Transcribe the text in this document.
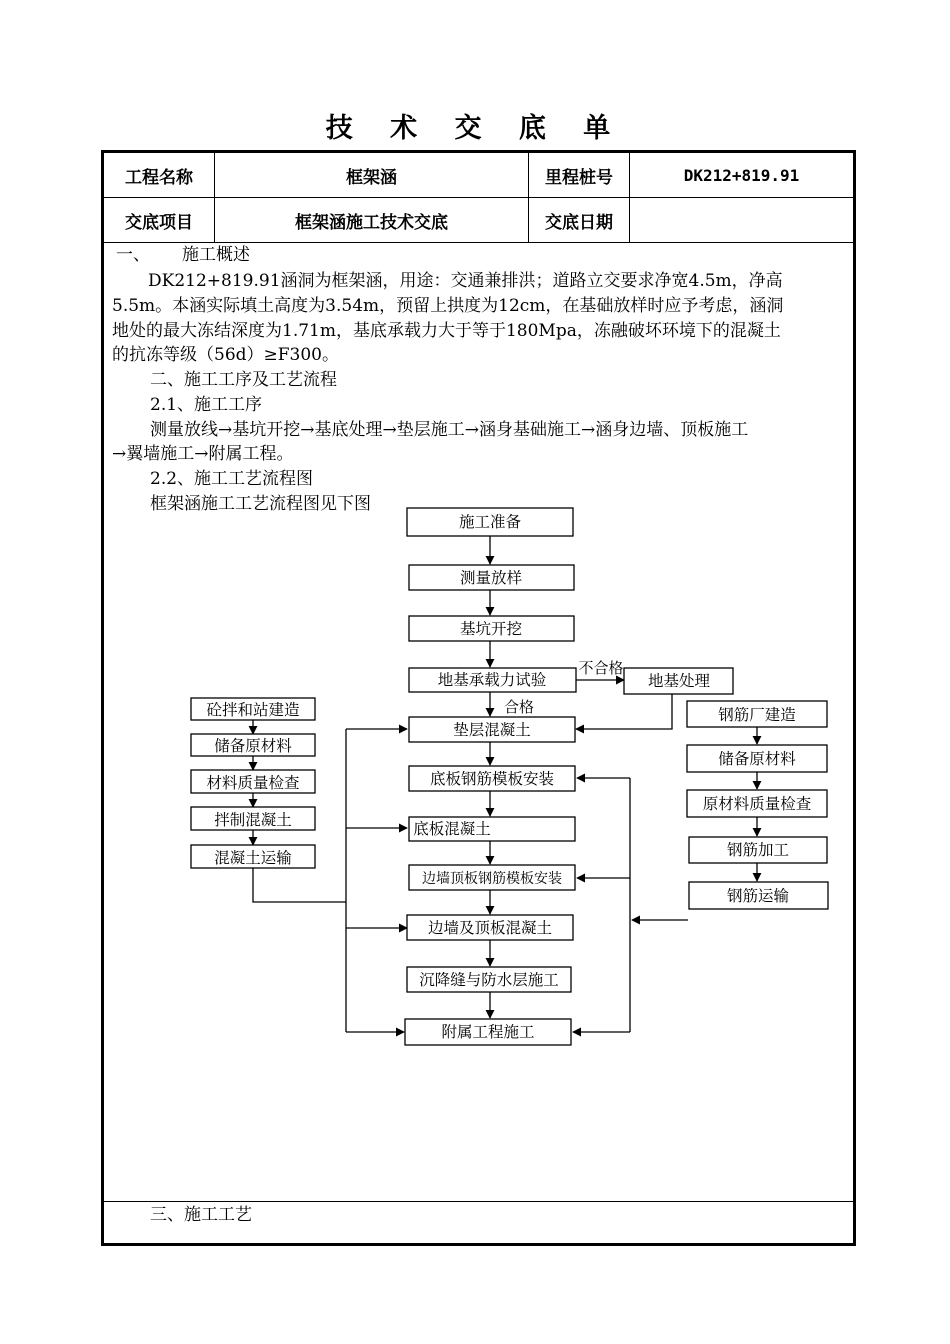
技 术 交 底 单
工程名称	框架涵	里程桩号	DK212+819.91
交底项目	框架涵施工技术交底	交底日期
一、 施工概述
DK212+819.91涵洞为框架涵，用途：交通兼排洪；道路立交要求净宽4.5m，净高
5.5m。本涵实际填土高度为3.54m，预留上拱度为12cm，在基础放样时应予考虑，涵洞
地处的最大冻结深度为1.71m，基底承载力大于等于180Mpa，冻融破坏环境下的混凝土
的抗冻等级（56d）≥F300。
二、施工工序及工艺流程
2.1、施工工序
测量放线→基坑开挖→基底处理→垫层施工→涵身基础施工→涵身边墙、顶板施工
→翼墙施工→附属工程。
2.2、施工工艺流程图
框架涵施工工艺流程图见下图
三、施工工艺
施工准备
测量放样
基坑开挖
地基承载力试验	地基处理
垫层混凝土
底板钢筋模板安装
底板混凝土
边墙顶板钢筋模板安装
边墙及顶板混凝土
沉降缝与防水层施工
附属工程施工
砼拌和站建造
储备原材料
材料质量检查
拌制混凝土
混凝土运输
钢筋厂建造
储备原材料
原材料质量检查
钢筋加工
钢筋运输
不合格
合格
